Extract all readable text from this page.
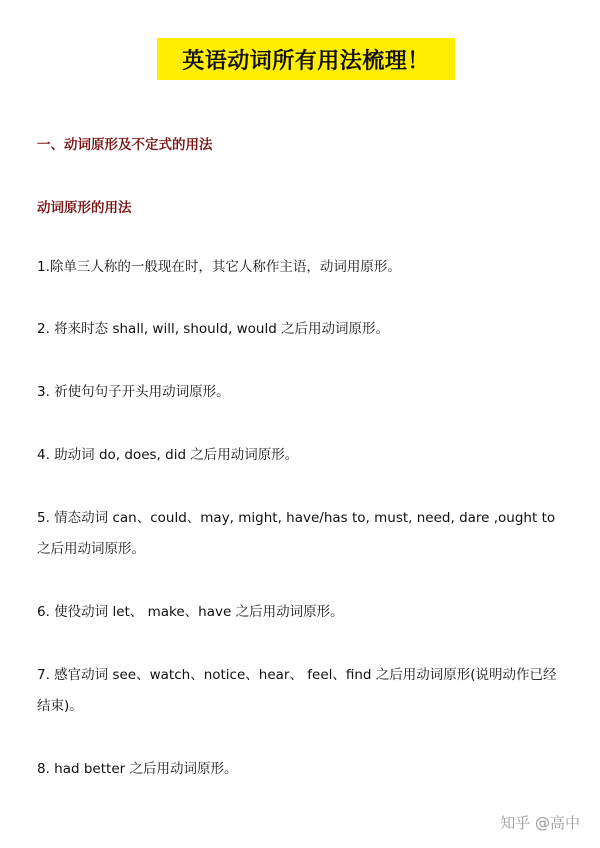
英语动词所有用法梳理！
一、动词原形及不定式的用法
动词原形的用法
1.除单三人称的一般现在时，其它人称作主语，动词用原形。
2. 将来时态 shall, will, should, would 之后用动词原形。
3. 祈使句句子开头用动词原形。
4. 助动词 do, does, did 之后用动词原形。
5. 情态动词 can、could、may, might, have/has to, must, need, dare ,ought to
之后用动词原形。
6. 使役动词 let、 make、have 之后用动词原形。
7. 感官动词 see、watch、notice、hear、 feel、find 之后用动词原形(说明动作已经
结束)。
8. had better 之后用动词原形。
知乎 @高中
